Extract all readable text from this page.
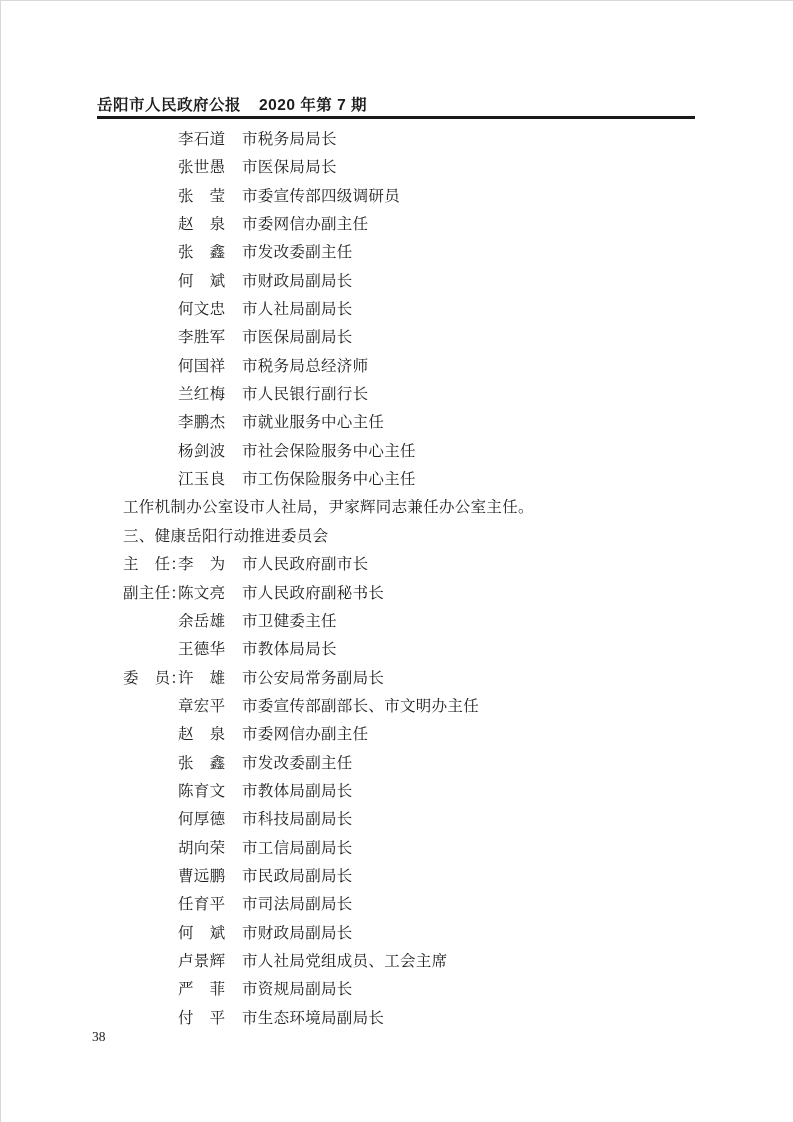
岳阳市人民政府公报 2020 年第 7 期
李石道	市税务局局长
张世愚	市医保局局长
张　莹	市委宣传部四级调研员
赵　泉	市委网信办副主任
张　鑫	市发改委副主任
何　斌	市财政局副局长
何文忠	市人社局副局长
李胜军	市医保局副局长
何国祥	市税务局总经济师
兰红梅	市人民银行副行长
李鹏杰	市就业服务中心主任
杨剑波	市社会保险服务中心主任
江玉良	市工伤保险服务中心主任
工作机制办公室设市人社局，尹家辉同志兼任办公室主任。
三、健康岳阳行动推进委员会
主　任：
李　为	市人民政府副市长
副主任：
陈文亮	市人民政府副秘书长
余岳雄	市卫健委主任
王德华	市教体局局长
委　员：
许　雄	市公安局常务副局长
章宏平	市委宣传部副部长、市文明办主任
赵　泉	市委网信办副主任
张　鑫	市发改委副主任
陈育文	市教体局副局长
何厚德	市科技局副局长
胡向荣	市工信局副局长
曹远鹏	市民政局副局长
任育平	市司法局副局长
何　斌	市财政局副局长
卢景辉	市人社局党组成员、工会主席
严　菲	市资规局副局长
付　平	市生态环境局副局长
38
